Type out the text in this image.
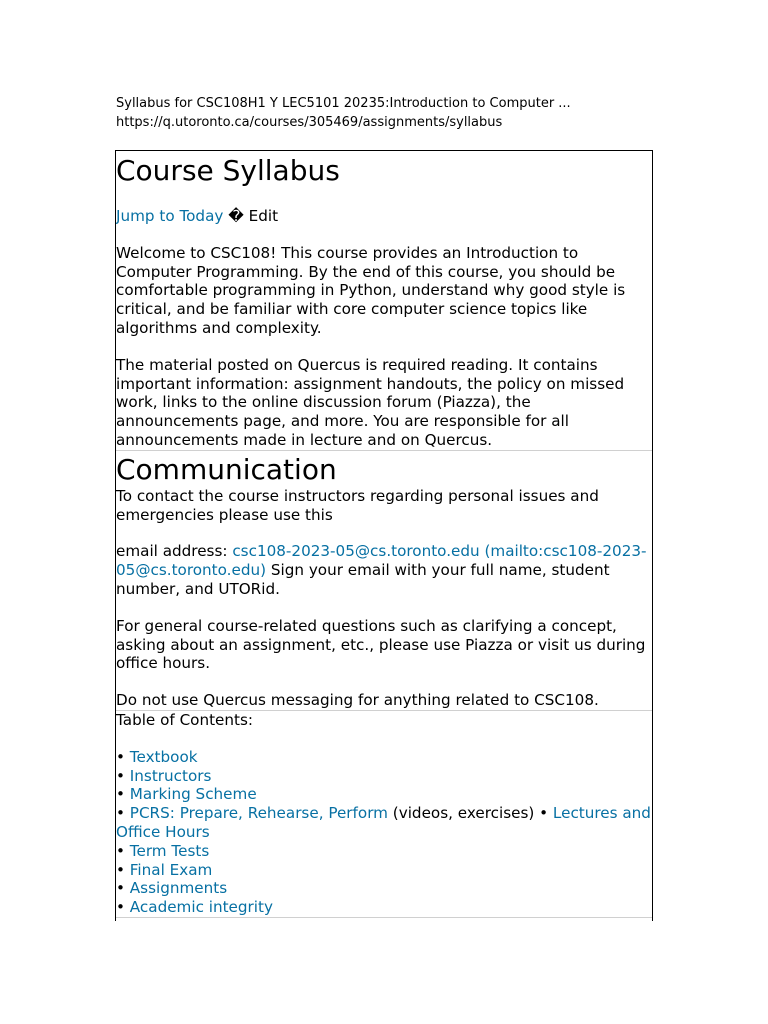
Syllabus for CSC108H1 Y LEC5101 20235:Introduction to Computer ...
https://q.utoronto.ca/courses/305469/assignments/syllabus
Course Syllabus
Jump to Today � Edit

Welcome to CSC108! This course provides an Introduction to Computer Programming. By the end of this course, you should be comfortable programming in Python, understand why good style is critical, and be familiar with core computer science topics like algorithms and complexity.

The material posted on Quercus is required reading. It contains important information: assignment handouts, the policy on missed work, links to the online discussion forum (Piazza), the announcements page, and more. You are responsible for all announcements made in lecture and on Quercus.

Communication

To contact the course instructors regarding personal issues and emergencies please use this

email address: csc108-2023-05@cs.toronto.edu (mailto:csc108-2023-05@cs.toronto.edu) Sign your email with your full name, student number, and UTORid.

For general course-related questions such as clarifying a concept, asking about an assignment, etc., please use Piazza or visit us during office hours.

Do not use Quercus messaging for anything related to CSC108.

Table of Contents:
• Textbook
• Instructors
• Marking Scheme
• PCRS: Prepare, Rehearse, Perform (videos, exercises) • Lectures and Office Hours
• Term Tests
• Final Exam
• Assignments
• Academic integrity
